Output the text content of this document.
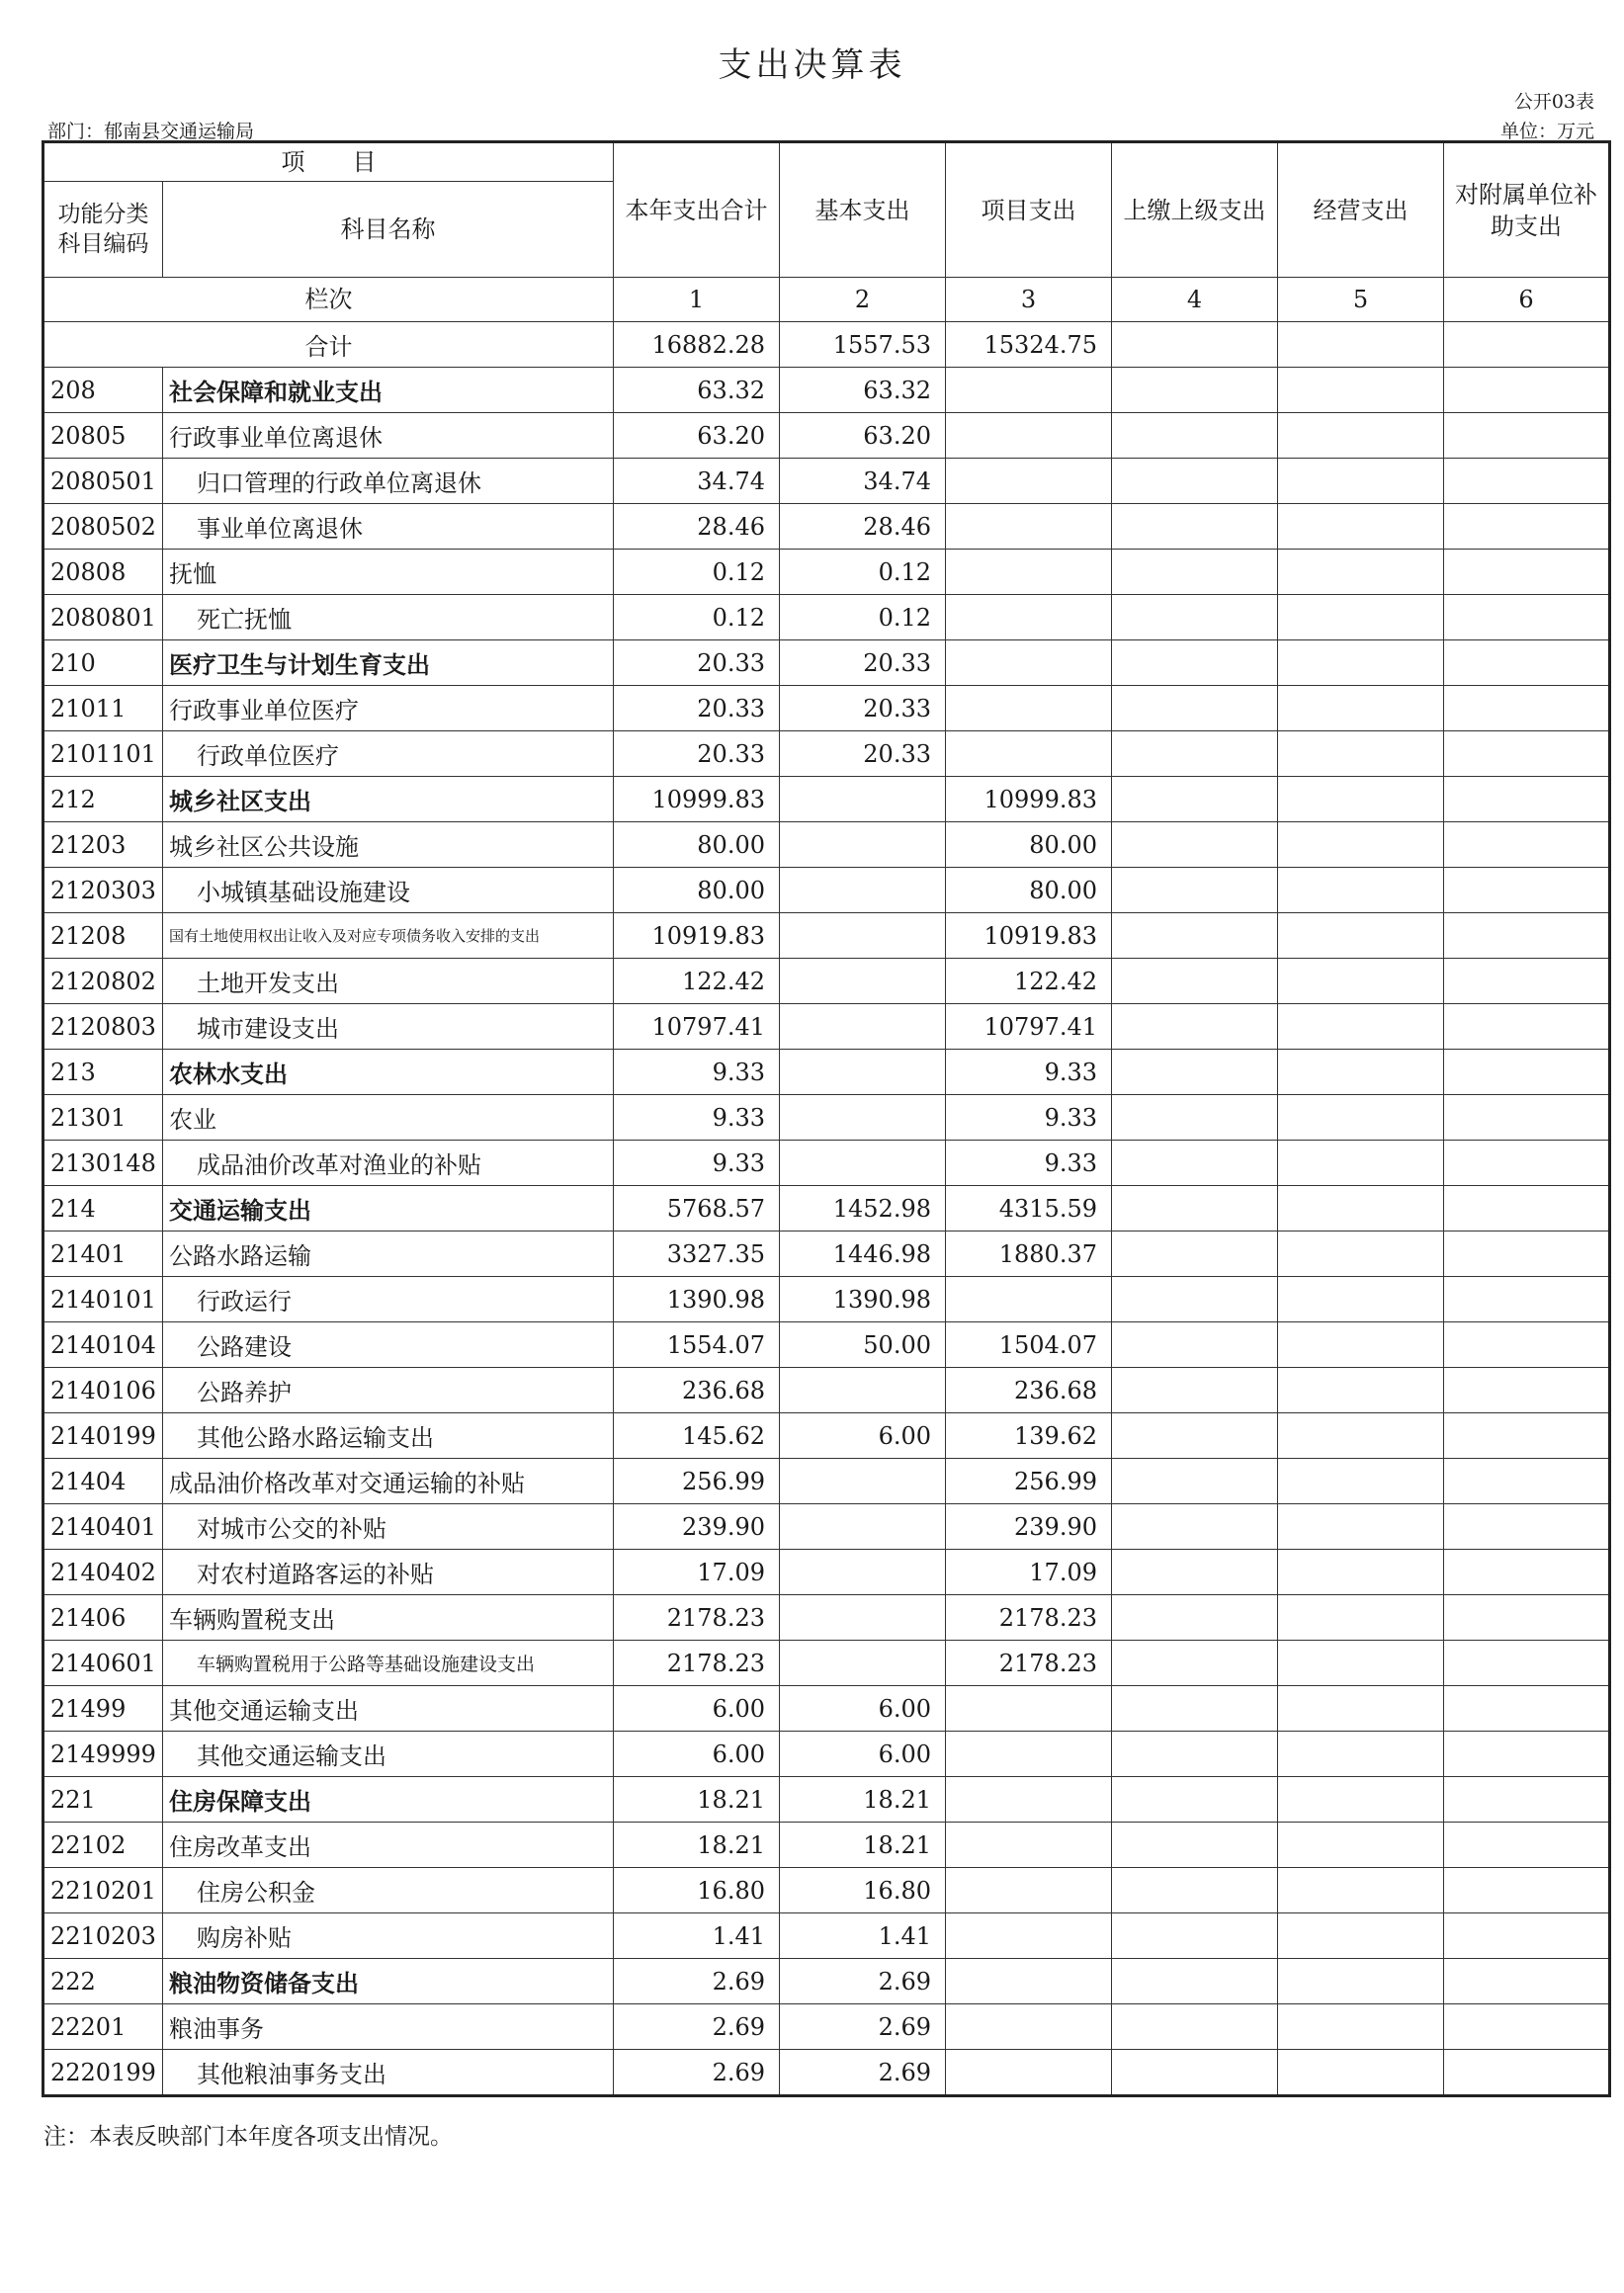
支出决算表
公开03表
部门：郁南县交通运输局	单位：万元
项　　目		本年支出合计	基本支出	项目支出	上缴上级支出	经营支出	对附属单位补助支出
功能分类科目编码	科目名称						
栏次		1	2	3	4	5	6
合计		16882.28	1557.53	15324.75			
208	社会保障和就业支出	63.32	63.32				
20805	行政事业单位离退休	63.20	63.20				
2080501	归口管理的行政单位离退休	34.74	34.74				
2080502	事业单位离退休	28.46	28.46				
20808	抚恤	0.12	0.12				
2080801	死亡抚恤	0.12	0.12				
210	医疗卫生与计划生育支出	20.33	20.33				
21011	行政事业单位医疗	20.33	20.33				
2101101	行政单位医疗	20.33	20.33				
212	城乡社区支出	10999.83		10999.83			
21203	城乡社区公共设施	80.00		80.00			
2120303	小城镇基础设施建设	80.00		80.00			
21208	国有土地使用权出让收入及对应专项债务收入安排的支出	10919.83		10919.83			
2120802	土地开发支出	122.42		122.42			
2120803	城市建设支出	10797.41		10797.41			
213	农林水支出	9.33		9.33			
21301	农业	9.33		9.33			
2130148	成品油价改革对渔业的补贴	9.33		9.33			
214	交通运输支出	5768.57	1452.98	4315.59			
21401	公路水路运输	3327.35	1446.98	1880.37			
2140101	行政运行	1390.98	1390.98				
2140104	公路建设	1554.07	50.00	1504.07			
2140106	公路养护	236.68		236.68			
2140199	其他公路水路运输支出	145.62	6.00	139.62			
21404	成品油价格改革对交通运输的补贴	256.99		256.99			
2140401	对城市公交的补贴	239.90		239.90			
2140402	对农村道路客运的补贴	17.09		17.09			
21406	车辆购置税支出	2178.23		2178.23			
2140601	车辆购置税用于公路等基础设施建设支出	2178.23		2178.23			
21499	其他交通运输支出	6.00	6.00				
2149999	其他交通运输支出	6.00	6.00				
221	住房保障支出	18.21	18.21				
22102	住房改革支出	18.21	18.21				
2210201	住房公积金	16.80	16.80				
2210203	购房补贴	1.41	1.41				
222	粮油物资储备支出	2.69	2.69				
22201	粮油事务	2.69	2.69				
2220199	其他粮油事务支出	2.69	2.69				
注：本表反映部门本年度各项支出情况。
